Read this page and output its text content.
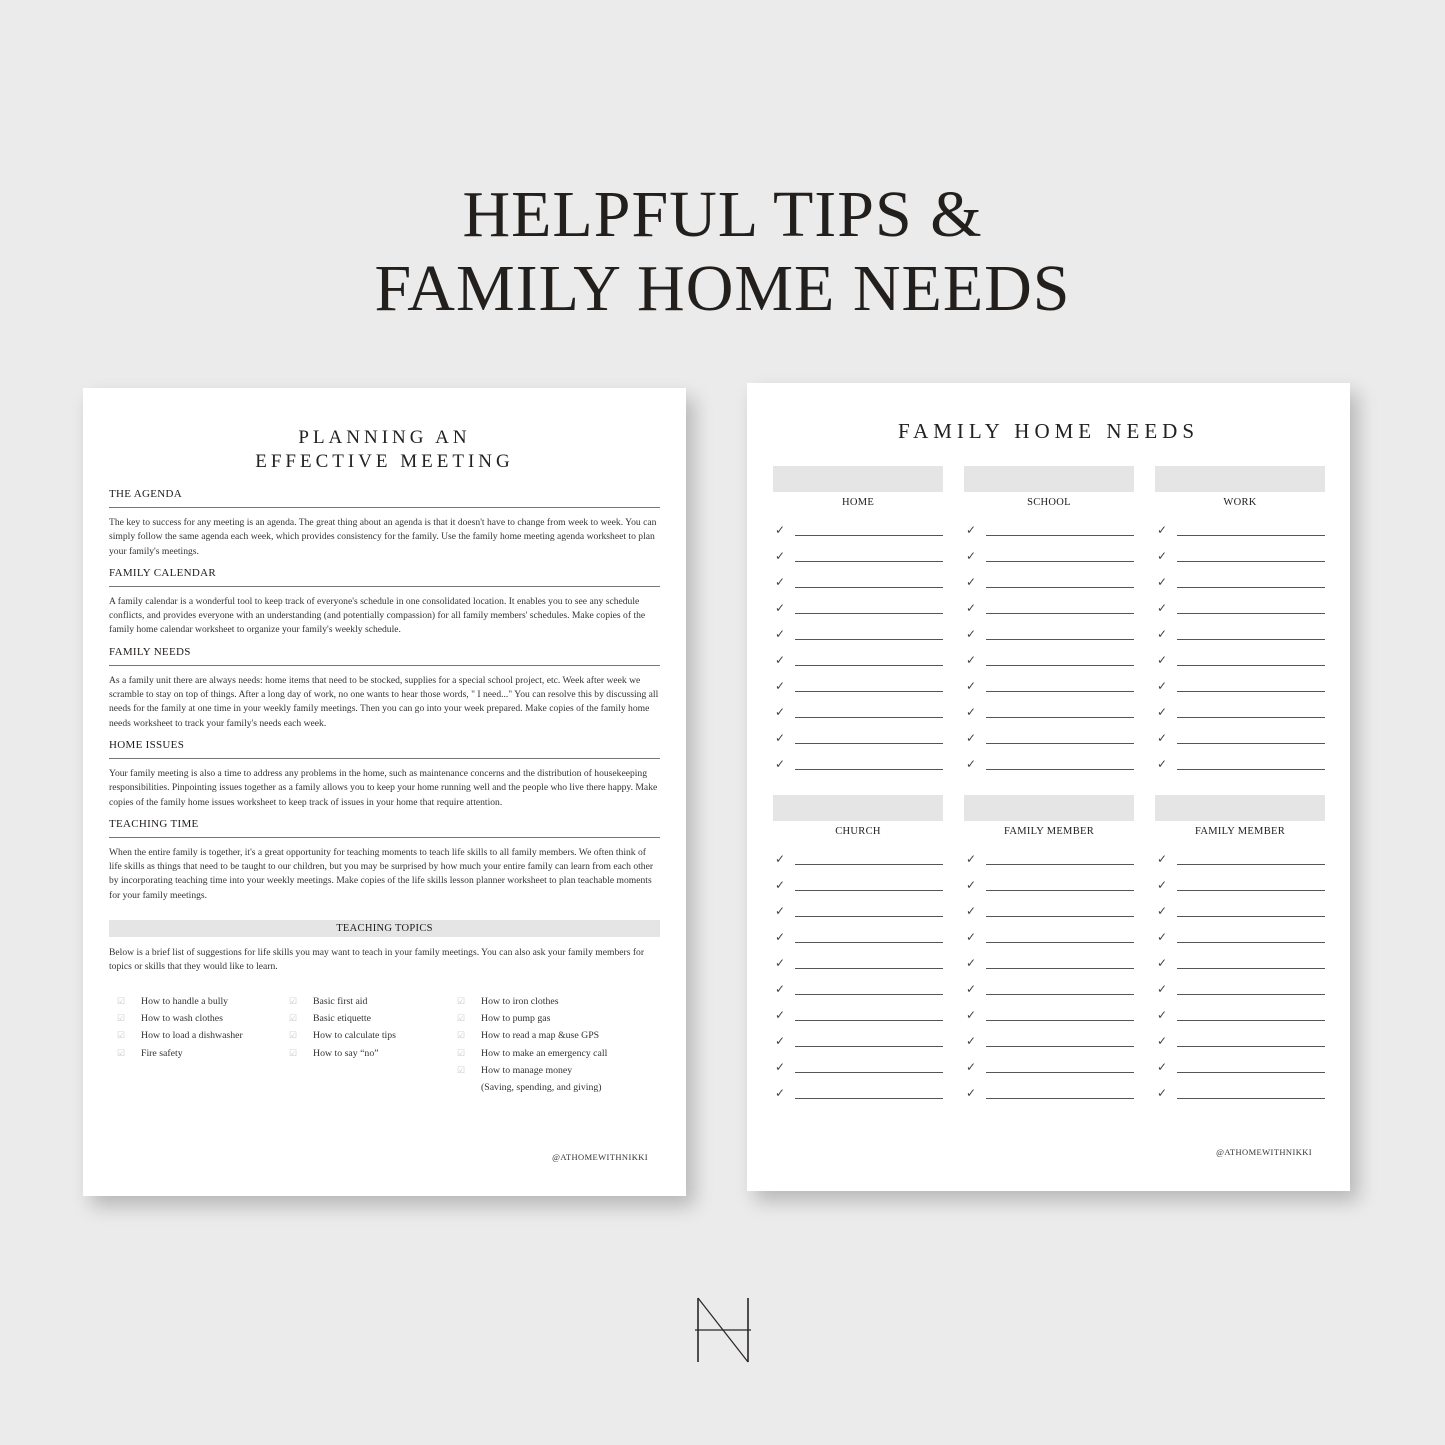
HELPFUL TIPS &
FAMILY HOME NEEDS
PLANNING AN
EFFECTIVE MEETING
THE AGENDA
The key to success for any meeting is an agenda. The great thing about an agenda is that it doesn't have to change from week to week. You can simply follow the same agenda each week, which provides consistency for the family. Use the family home meeting agenda worksheet to plan your family's meetings.
FAMILY CALENDAR
A family calendar is a wonderful tool to keep track of everyone's schedule in one consolidated location. It enables you to see any schedule conflicts, and provides everyone with an understanding (and potentially compassion) for all family members' schedules. Make copies of the family home calendar worksheet to organize your family's weekly schedule.
FAMILY NEEDS
As a family unit there are always needs: home items that need to be stocked, supplies for a special school project, etc. Week after week we scramble to stay on top of things. After a long day of work, no one wants to hear those words, " I need..." You can resolve this by discussing all needs for the family at one time in your weekly family meetings. Then you can go into your week prepared. Make copies of the family home needs worksheet to track your family's needs each week.
HOME ISSUES
Your family meeting is also a time to address any problems in the home, such as maintenance concerns and the distribution of housekeeping responsibilities. Pinpointing issues together as a family allows you to keep your home running well and the people who live there happy. Make copies of the family home issues worksheet to keep track of issues in your home that require attention.
TEACHING TIME
When the entire family is together, it's a great opportunity for teaching moments to teach life skills to all family members. We often think of life skills as things that need to be taught to our children, but you may be surprised by how much your entire family can learn from each other by incorporating teaching time into your weekly meetings. Make copies of the life skills lesson planner worksheet to plan teachable moments for your family meetings.
TEACHING TOPICS
Below is a brief list of suggestions for life skills you may want to teach in your family meetings. You can also ask your family members for topics or skills that they would like to learn.
☑ How to handle a bully
☑ How to wash clothes
☑ How to load a dishwasher
☑ Fire safety
☑ Basic first aid
☑ Basic etiquette
☑ How to calculate tips
☑ How to say “no”
☑ How to iron clothes
☑ How to pump gas
☑ How to read a map &use GPS
☑ How to make an emergency call
☑ How to manage money
(Saving, spending, and giving)
@ATHOMEWITHNIKKI
FAMILY HOME NEEDS
HOME
✓
✓
✓
✓
✓
✓
✓
✓
✓
✓
SCHOOL
✓
✓
✓
✓
✓
✓
✓
✓
✓
✓
WORK
✓
✓
✓
✓
✓
✓
✓
✓
✓
✓
CHURCH
✓
✓
✓
✓
✓
✓
✓
✓
✓
✓
FAMILY MEMBER
✓
✓
✓
✓
✓
✓
✓
✓
✓
✓
FAMILY MEMBER
✓
✓
✓
✓
✓
✓
✓
✓
✓
✓
@ATHOMEWITHNIKKI
